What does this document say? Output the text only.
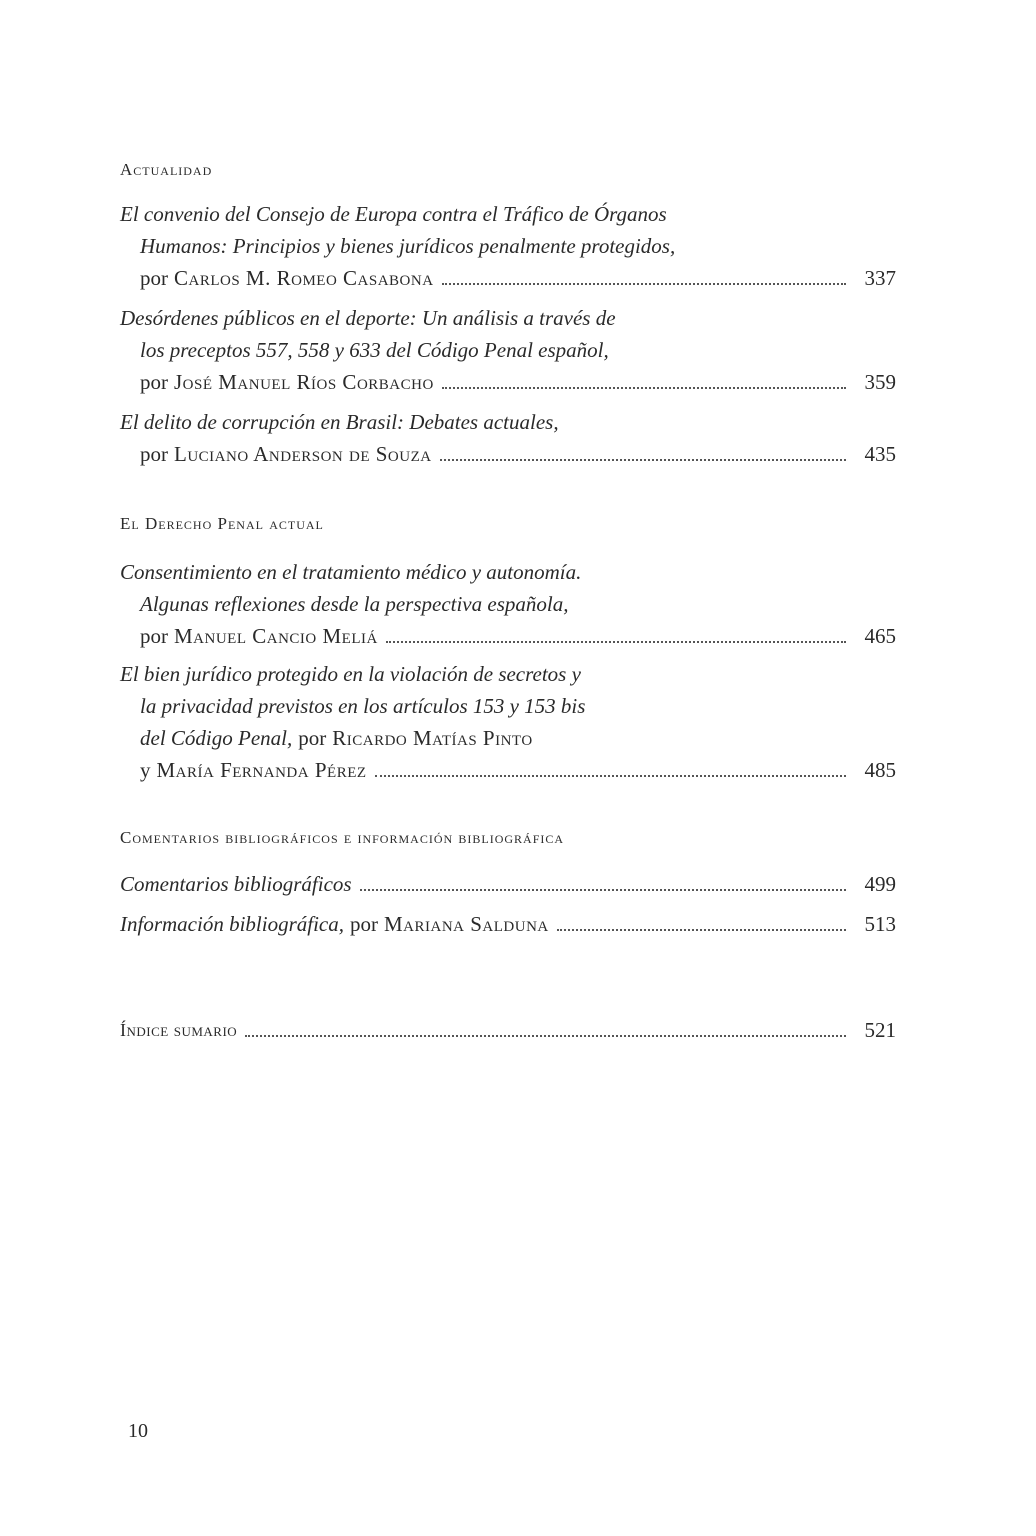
Actualidad
El convenio del Consejo de Europa contra el Tráfico de Órganos
Humanos: Principios y bienes jurídicos penalmente protegidos,
por Carlos M. Romeo Casabona	337
Desórdenes públicos en el deporte: Un análisis a través de
los preceptos 557, 558 y 633 del Código Penal español,
por José Manuel Ríos Corbacho	359
El delito de corrupción en Brasil: Debates actuales,
por Luciano Anderson de Souza	435
El Derecho Penal actual
Consentimiento en el tratamiento médico y autonomía.
Algunas reflexiones desde la perspectiva española,
por Manuel Cancio Meliá	465
El bien jurídico protegido en la violación de secretos y
la privacidad previstos en los artículos 153 y 153 bis
del Código Penal, por Ricardo Matías Pinto
y María Fernanda Pérez	485
Comentarios bibliográficos e información bibliográfica
Comentarios bibliográficos	499
Información bibliográfica, por Mariana Salduna	513
Índice sumario	521
10
